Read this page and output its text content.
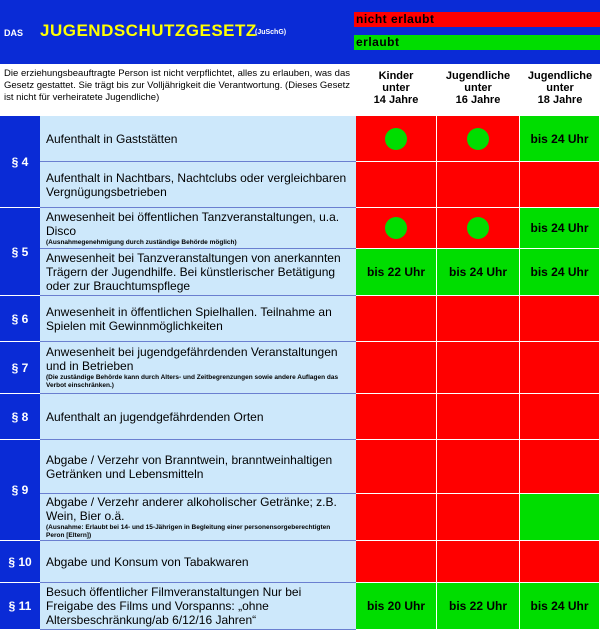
DAS JUGENDSCHUTZGESETZ
(JuSchG)
nicht erlaubt
erlaubt
Die erziehungsbeauftragte Person ist nicht verpflichtet, alles zu erlauben, was das Gesetz gestattet. Sie trägt bis zur Volljährigkeit die Verantwortung. (Dieses Gesetz ist nicht für verheiratete Jugendliche)
Kinder
unter
14 Jahre
Jugendliche
unter
16 Jahre
Jugendliche
unter
18 Jahre
Aufenthalt in Gaststätten	bis 24 Uhr
Aufenthalt in Nachtbars, Nachtclubs oder vergleichbaren Vergnügungsbetrieben
§ 4
Anwesenheit bei öffentlichen Tanzveranstaltungen, u.a. Disco
(Ausnahmegenehmigung durch zuständige Behörde möglich)
bis 24 Uhr
Anwesenheit bei Tanzveranstaltungen von anerkannten Trägern der Jugendhilfe. Bei künstlerischer Betätigung oder zur Brauchtumspflege
bis 22 Uhr bis 24 Uhr bis 24 Uhr
§ 5
Anwesenheit in öffentlichen Spielhallen. Teilnahme an Spielen mit Gewinnmöglichkeiten
§ 6
Anwesenheit bei jugendgefährdenden Veranstaltungen und in Betrieben
(Die zuständige Behörde kann durch Alters- und Zeitbegrenzungen sowie andere Auflagen das Verbot einschränken.)
§ 7
Aufenthalt an jugendgefährdenden Orten
§ 8
Abgabe / Verzehr von Branntwein, branntweinhaltigen Getränken und Lebensmitteln
Abgabe / Verzehr anderer alkoholischer Getränke; z.B. Wein, Bier o.ä.
(Ausnahme: Erlaubt bei 14- und 15-Jährigen in Begleitung einer personensorgeberechtigten Peron [Eltern])
§ 9
Abgabe und Konsum von Tabakwaren
§ 10
Besuch öffentlicher Filmveranstaltungen Nur bei Freigabe des Films und Vorspanns: „ohne Altersbeschränkung/ab 6/12/16 Jahren“
bis 20 Uhr bis 22 Uhr bis 24 Uhr
§ 11
